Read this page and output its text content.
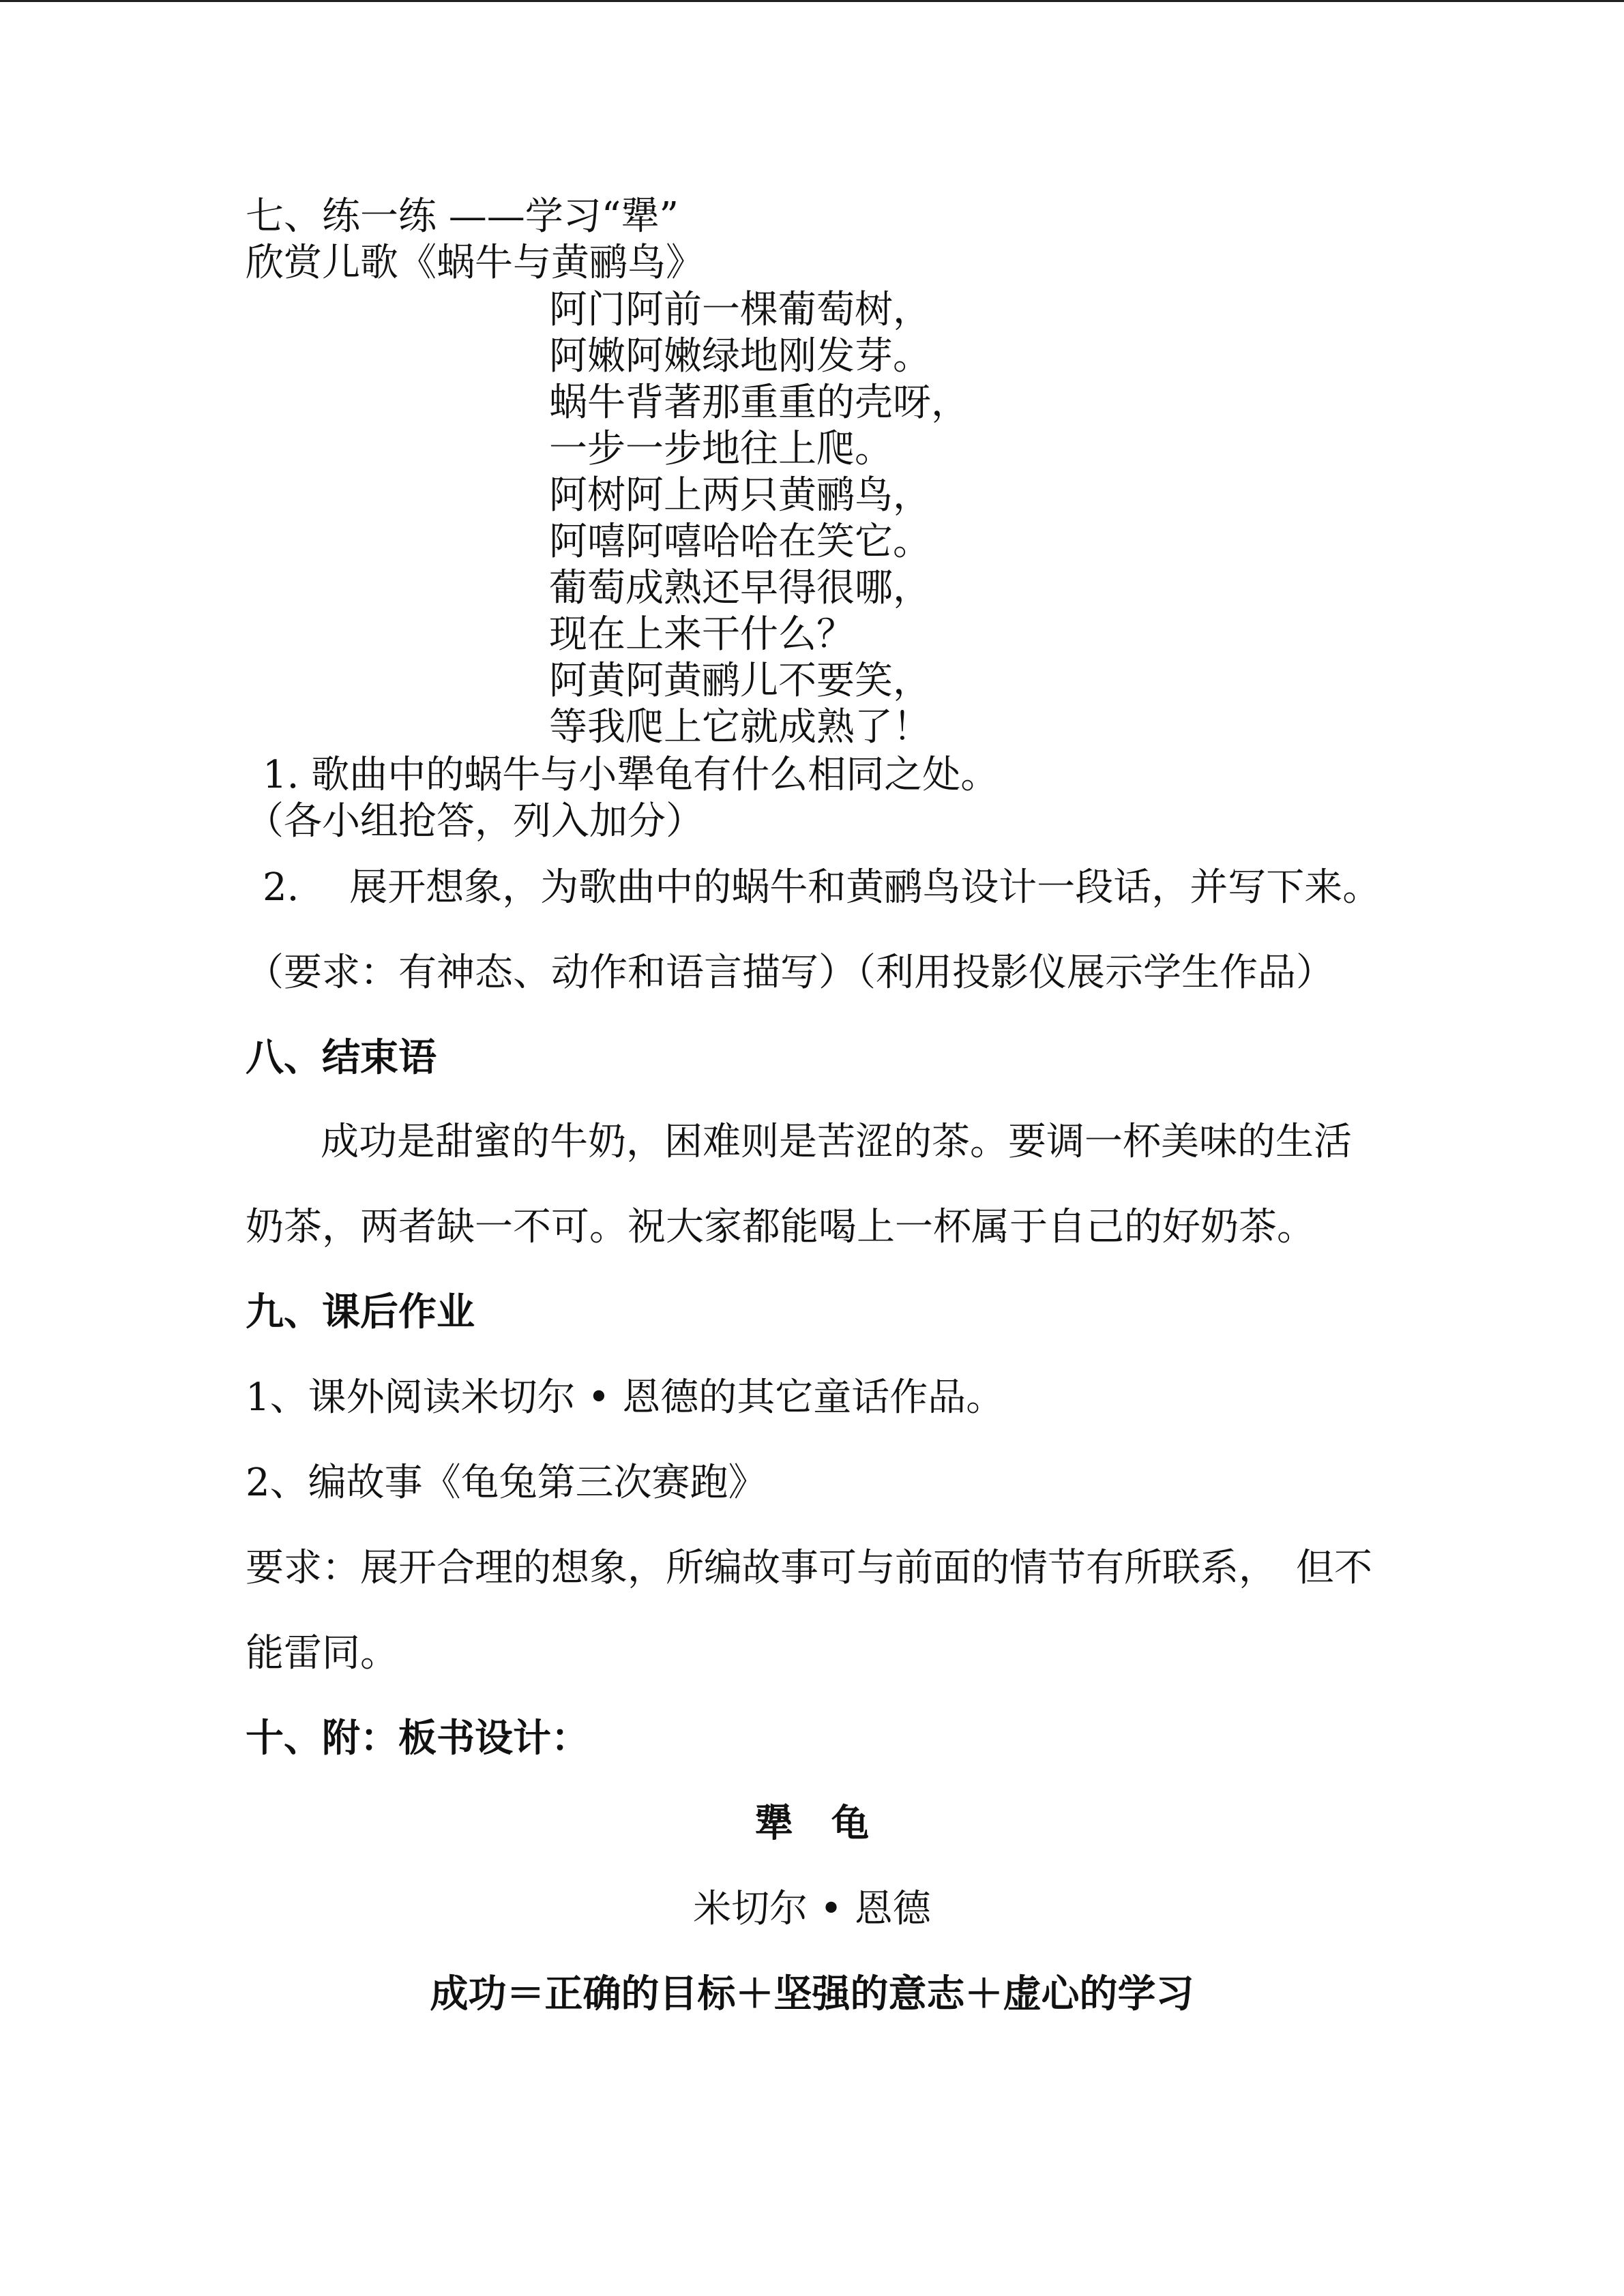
七、练一练 ——学习“犟”
欣赏儿歌《蜗牛与黄鹂鸟》
阿门阿前一棵葡萄树，
阿嫩阿嫩绿地刚发芽。
蜗牛背著那重重的壳呀，
一步一步地往上爬。
阿树阿上两只黄鹂鸟，
阿嘻阿嘻哈哈在笑它。
葡萄成熟还早得很哪，
现在上来干什么？
阿黄阿黄鹂儿不要笑，
等我爬上它就成熟了！
1. 歌曲中的蜗牛与小犟龟有什么相同之处。
（各小组抢答，列入加分）
2.　 展开想象，为歌曲中的蜗牛和黄鹂鸟设计一段话，并写下来。
（要求：有神态、动作和语言描写）（利用投影仪展示学生作品）
八、结束语
成功是甜蜜的牛奶，困难则是苦涩的茶。要调一杯美味的生活
奶茶，两者缺一不可。祝大家都能喝上一杯属于自己的好奶茶。
九、课后作业
1、课外阅读米切尔 • 恩德的其它童话作品。
2、编故事《龟兔第三次赛跑》
要求：展开合理的想象，所编故事可与前面的情节有所联系，　但不
能雷同。
十、附：板书设计：
犟　龟
米切尔 • 恩德
成功＝正确的目标＋坚强的意志＋虚心的学习
